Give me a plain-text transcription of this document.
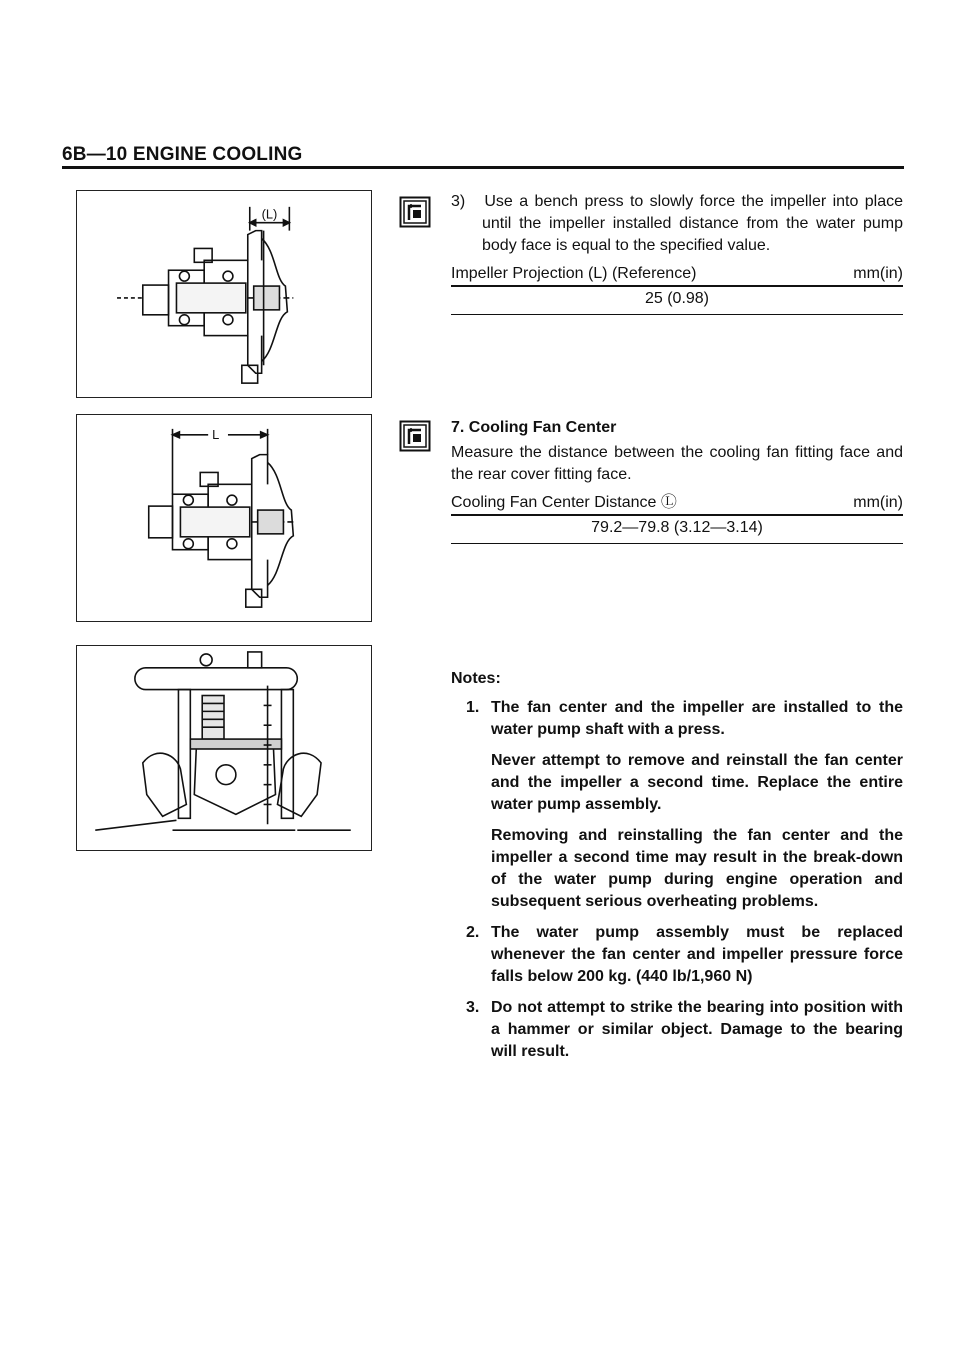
6B—10 ENGINE COOLING
(L)
L
3) Use a bench press to slowly force the impeller into place until the impeller installed distance from the water pump body face is equal to the specified value.
Impeller Projection (L) (Reference)	mm(in)
25 (0.98)
7. Cooling Fan Center
Measure the distance between the cooling fan fitting face and the rear cover fitting face.
Cooling Fan Center Distance Ⓛ	mm(in)
79.2—79.8 (3.12—3.14)
Notes:
1. The fan center and the impeller are installed to the water pump shaft with a press.

Never attempt to remove and reinstall the fan center and the impeller a second time. Replace the entire water pump assembly.

Removing and reinstalling the fan center and the impeller a second time may result in the break-down of the water pump during engine operation and subsequent serious overheating problems.

2. The water pump assembly must be replaced whenever the fan center and impeller pressure force falls below 200 kg. (440 lb/1,960 N)

3. Do not attempt to strike the bearing into position with a hammer or similar object. Damage to the bearing will result.
